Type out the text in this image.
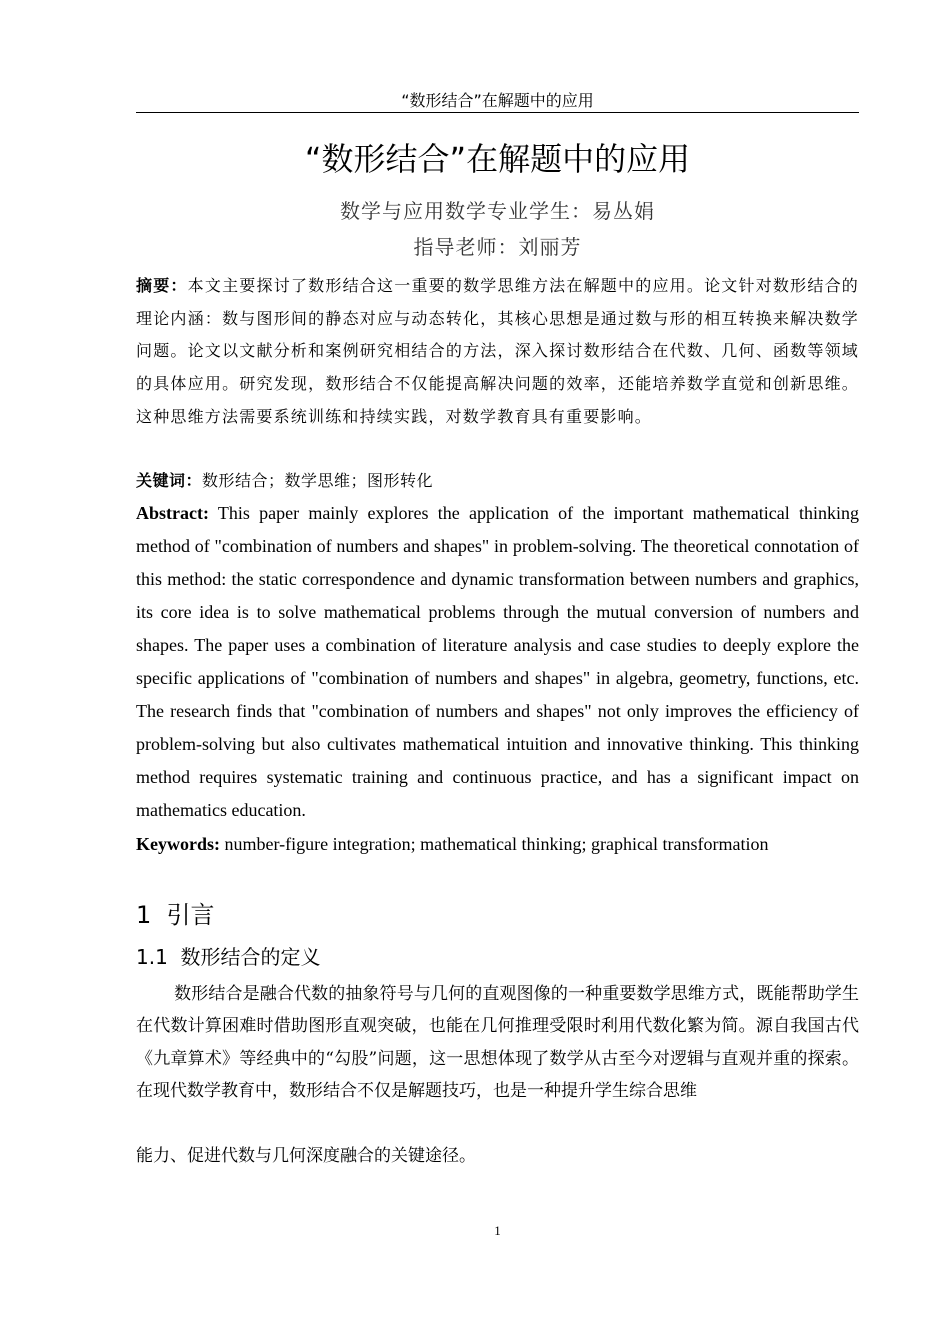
“数形结合”在解题中的应用
“数形结合”在解题中的应用
数学与应用数学专业学生：易丛娟
指导老师：刘丽芳

摘要：本文主要探讨了数形结合这一重要的数学思维方法在解题中的应用。论文针对数形结合的理论内涵：数与图形间的静态对应与动态转化，其核心思想是通过数与形的相互转换来解决数学问题。论文以文献分析和案例研究相结合的方法，深入探讨数形结合在代数、几何、函数等领域的具体应用。研究发现，数形结合不仅能提高解决问题的效率，还能培养数学直觉和创新思维。这种思维方法需要系统训练和持续实践，对数学教育具有重要影响。

关键词：数形结合；数学思维；图形转化

Abstract: This paper mainly explores the application of the important mathematical thinking method of "combination of numbers and shapes" in problem-solving. The theoretical connotation of this method: the static correspondence and dynamic transformation between numbers and graphics, its core idea is to solve mathematical problems through the mutual conversion of numbers and shapes. The paper uses a combination of literature analysis and case studies to deeply explore the specific applications of "combination of numbers and shapes" in algebra, geometry, functions, etc. The research finds that "combination of numbers and shapes" not only improves the efficiency of problem-solving but also cultivates mathematical intuition and innovative thinking. This thinking method requires systematic training and continuous practice, and has a significant impact on mathematics education.

Keywords: number-figure integration; mathematical thinking; graphical transformation

1  引言
1.1  数形结合的定义

数形结合是融合代数的抽象符号与几何的直观图像的一种重要数学思维方式，既能帮助学生在代数计算困难时借助图形直观突破，也能在几何推理受限时利用代数化繁为简。源自我国古代《九章算术》等经典中的“勾股”问题，这一思想体现了数学从古至今对逻辑与直观并重的探索。在现代数学教育中，数形结合不仅是解题技巧，也是一种提升学生综合思维

能力、促进代数与几何深度融合的关键途径。

1
